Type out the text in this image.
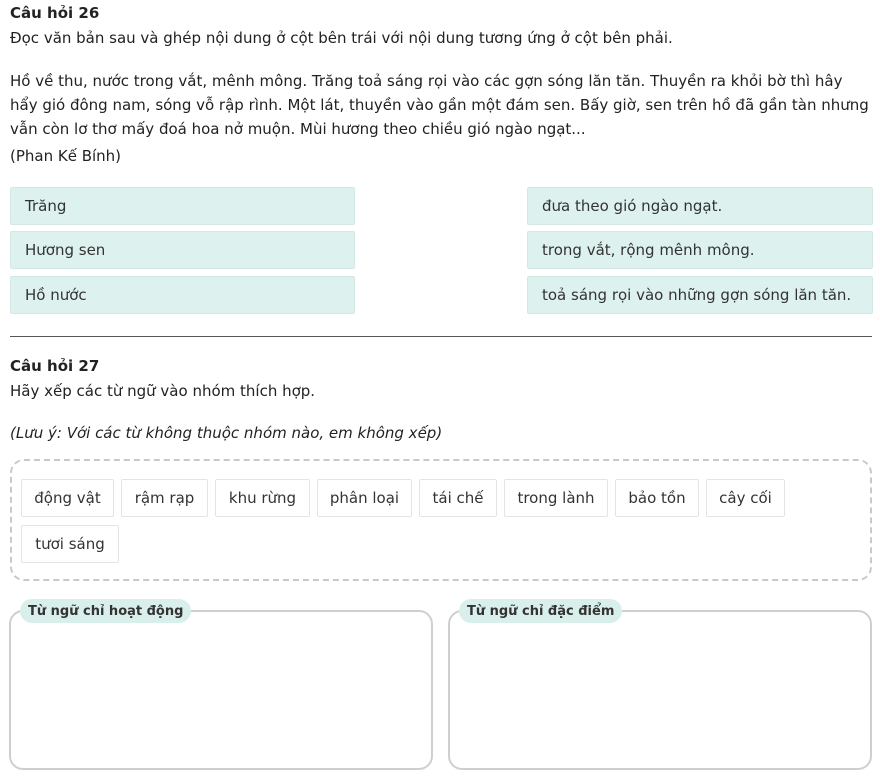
Câu hỏi 26
Đọc văn bản sau và ghép nội dung ở cột bên trái với nội dung tương ứng ở cột bên phải.
Hồ về thu, nước trong vắt, mênh mông. Trăng toả sáng rọi vào các gợn sóng lăn tăn. Thuyền ra khỏi bờ thì hây hẩy gió đông nam, sóng vỗ rập rình. Một lát, thuyền vào gần một đám sen. Bấy giờ, sen trên hồ đã gần tàn nhưng vẫn còn lơ thơ mấy đoá hoa nở muộn. Mùi hương theo chiều gió ngào ngạt...
(Phan Kế Bính)
Trăng
Hương sen
Hồ nước
đưa theo gió ngào ngạt.
trong vắt, rộng mênh mông.
toả sáng rọi vào những gợn sóng lăn tăn.
Câu hỏi 27
Hãy xếp các từ ngữ vào nhóm thích hợp.
(Lưu ý: Với các từ không thuộc nhóm nào, em không xếp)
động vật	rậm rạp	khu rừng	phân loại	tái chế	trong lành	bảo tồn	cây cối
tươi sáng
Từ ngữ chỉ hoạt động	Từ ngữ chỉ đặc điểm
